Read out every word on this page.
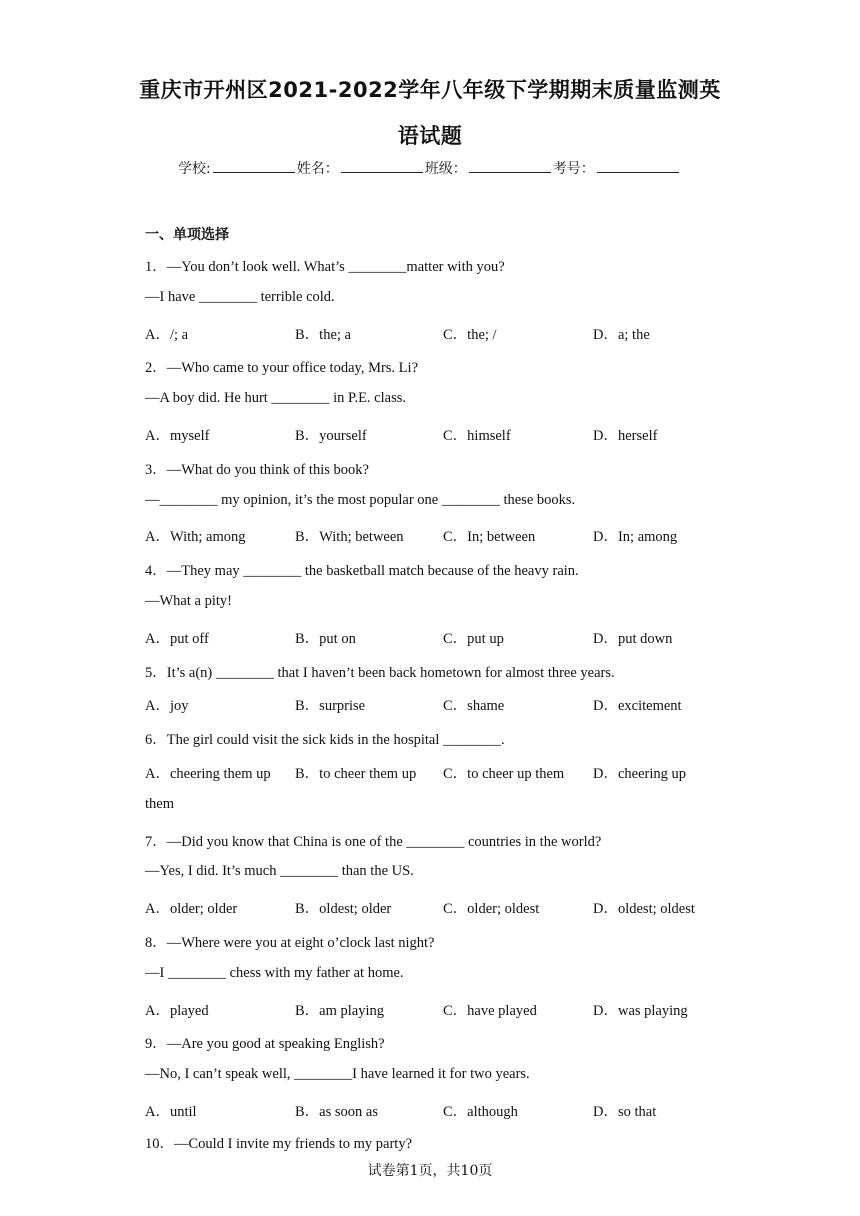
重庆市开州区2021-2022学年八年级下学期期末质量监测英
语试题
学校:	姓名：	班级：	考号：
一、单项选择
1．—You don’t look well. What’s ________matter with you?
—I have ________ terrible cold.
A．/; a	B．the; a	C．the; /	D．a; the
2．—Who came to your office today, Mrs. Li?
—A boy did. He hurt ________ in P.E. class.
A．myself	B．yourself	C．himself	D．herself
3．—What do you think of this book?
—________ my opinion, it’s the most popular one ________ these books.
A．With; among	B．With; between	C．In; between	D．In; among
4．—They may ________ the basketball match because of the heavy rain.
—What a pity!
A．put off	B．put on	C．put up	D．put down
5．It’s a(n) ________ that I haven’t been back hometown for almost three years.
A．joy	B．surprise	C．shame	D．excitement
6．The girl could visit the sick kids in the hospital ________.
A．cheering them up B．to cheer them up C．to cheer up them D．cheering up
them
7．—Did you know that China is one of the ________ countries in the world?
—Yes, I did. It’s much ________ than the US.
A．older; older	B．oldest; older	C．older; oldest	D．oldest; oldest
8．—Where were you at eight o’clock last night?
—I ________ chess with my father at home.
A．played	B．am playing	C．have played	D．was playing
9．—Are you good at speaking English?
—No, I can’t speak well, ________I have learned it for two years.
A．until	B．as soon as	C．although	D．so that
10．—Could I invite my friends to my party?
试卷第1页，共10页
